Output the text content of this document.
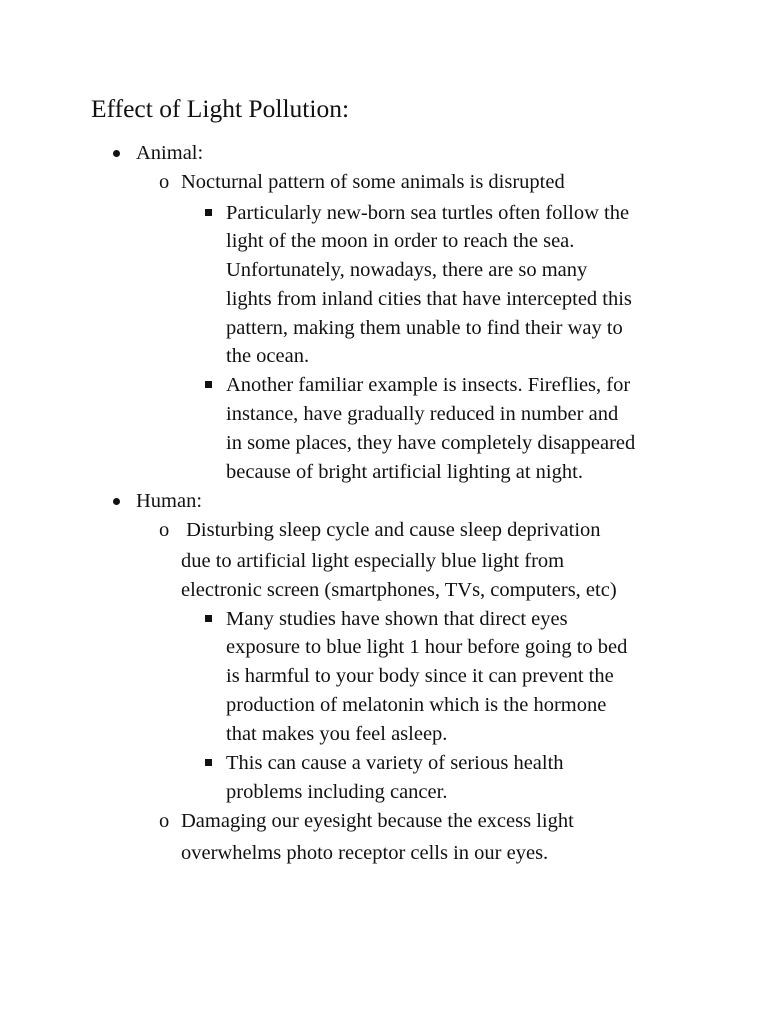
Effect of Light Pollution:
Animal:
o Nocturnal pattern of some animals is disrupted
Particularly new-born sea turtles often follow the
light of the moon in order to reach the sea.
Unfortunately, nowadays, there are so many
lights from inland cities that have intercepted this
pattern, making them unable to find their way to
the ocean.
Another familiar example is insects. Fireflies, for
instance, have gradually reduced in number and
in some places, they have completely disappeared
because of bright artificial lighting at night.
Human:
o Disturbing sleep cycle and cause sleep deprivation
due to artificial light especially blue light from
electronic screen (smartphones, TVs, computers, etc)
Many studies have shown that direct eyes
exposure to blue light 1 hour before going to bed
is harmful to your body since it can prevent the
production of melatonin which is the hormone
that makes you feel asleep.
This can cause a variety of serious health
problems including cancer.
o Damaging our eyesight because the excess light
overwhelms photo receptor cells in our eyes.
